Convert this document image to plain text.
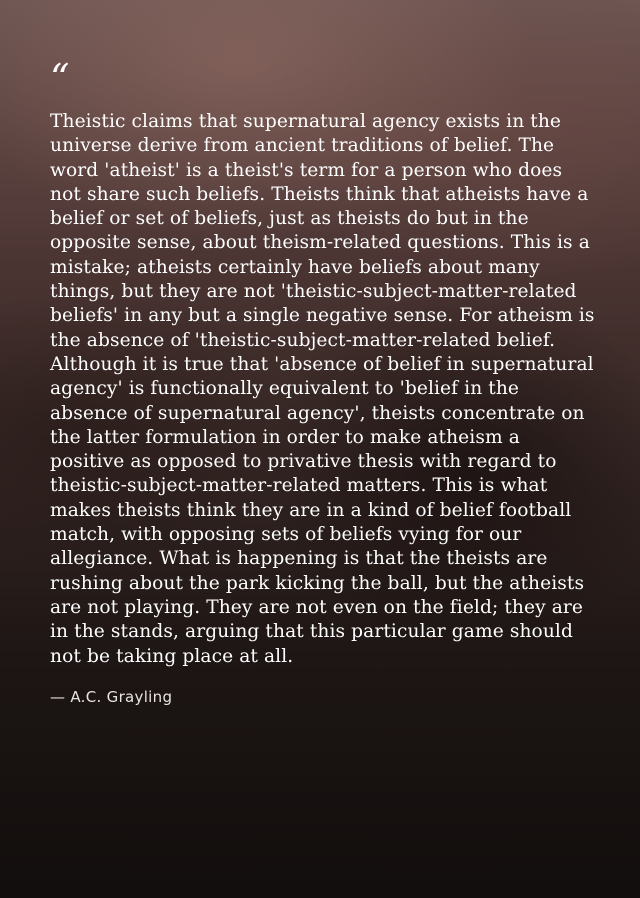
“

Theistic claims that supernatural agency exists in the universe derive from ancient traditions of belief. The word 'atheist' is a theist's term for a person who does not share such beliefs. Theists think that atheists have a belief or set of beliefs, just as theists do but in the opposite sense, about theism-related questions. This is a mistake; atheists certainly have beliefs about many things, but they are not 'theistic-subject-matter-related beliefs' in any but a single negative sense. For atheism is the absence of 'theistic-subject-matter-related belief. Although it is true that 'absence of belief in supernatural agency' is functionally equivalent to 'belief in the absence of supernatural agency', theists concentrate on the latter formulation in order to make atheism a positive as opposed to privative thesis with regard to theistic-subject-matter-related matters. This is what makes theists think they are in a kind of belief football match, with opposing sets of beliefs vying for our allegiance. What is happening is that the theists are rushing about the park kicking the ball, but the atheists are not playing. They are not even on the field; they are in the stands, arguing that this particular game should not be taking place at all.

— A.C. Grayling
